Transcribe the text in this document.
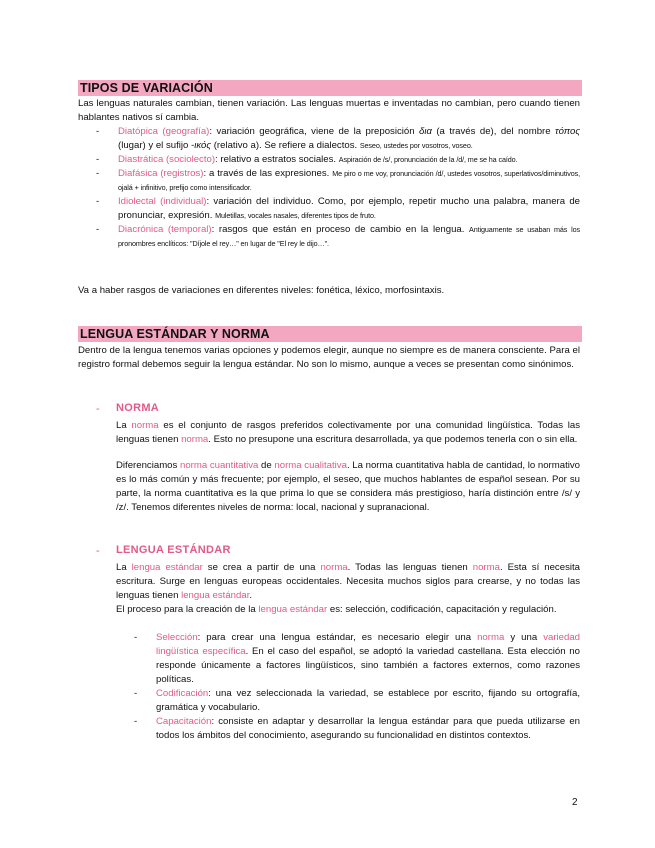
TIPOS DE VARIACIÓN
Las lenguas naturales cambian, tienen variación. Las lenguas muertas e inventadas no cambian, pero cuando tienen hablantes nativos sí cambia.
- Diatópica (geografía): variación geográfica, viene de la preposición δια (a través de), del nombre τόπος (lugar) y el sufijo -ικός (relativo a). Se refiere a dialectos. Seseo, ustedes por vosotros, voseo.
- Diastrática (sociolecto): relativo a estratos sociales. Aspiración de /s/, pronunciación de la /d/, me se ha caído.
- Diafásica (registros): a través de las expresiones. Me piro o me voy, pronunciación /d/, ustedes vosotros, superlativos/diminutivos, ojalá + infinitivo, prefijo como intensificador.
- Idiolectal (individual): variación del individuo. Como, por ejemplo, repetir mucho una palabra, manera de pronunciar, expresión. Muletillas, vocales nasales, diferentes tipos de fruto.
- Diacrónica (temporal): rasgos que están en proceso de cambio en la lengua. Antiguamente se usaban más los pronombres enclíticos: "Díjole el rey…" en lugar de "El rey le dijo…".
Va a haber rasgos de variaciones en diferentes niveles: fonética, léxico, morfosintaxis.
LENGUA ESTÁNDAR Y NORMA
Dentro de la lengua tenemos varias opciones y podemos elegir, aunque no siempre es de manera consciente. Para el registro formal debemos seguir la lengua estándar. No son lo mismo, aunque a veces se presentan como sinónimos.
- NORMA
La norma es el conjunto de rasgos preferidos colectivamente por una comunidad lingüística. Todas las lenguas tienen norma. Esto no presupone una escritura desarrollada, ya que podemos tenerla con o sin ella.
Diferenciamos norma cuantitativa de norma cualitativa. La norma cuantitativa habla de cantidad, lo normativo es lo más común y más frecuente; por ejemplo, el seseo, que muchos hablantes de español sesean. Por su parte, la norma cuantitativa es la que prima lo que se considera más prestigioso, haría distinción entre /s/ y /z/. Tenemos diferentes niveles de norma: local, nacional y supranacional.
- LENGUA ESTÁNDAR
La lengua estándar se crea a partir de una norma. Todas las lenguas tienen norma. Esta sí necesita escritura. Surge en lenguas europeas occidentales. Necesita muchos siglos para crearse, y no todas las lenguas tienen lengua estándar.
El proceso para la creación de la lengua estándar es: selección, codificación, capacitación y regulación.
- Selección: para crear una lengua estándar, es necesario elegir una norma y una variedad lingüística específica. En el caso del español, se adoptó la variedad castellana. Esta elección no responde únicamente a factores lingüísticos, sino también a factores externos, como razones políticas.
- Codificación: una vez seleccionada la variedad, se establece por escrito, fijando su ortografía, gramática y vocabulario.
- Capacitación: consiste en adaptar y desarrollar la lengua estándar para que pueda utilizarse en todos los ámbitos del conocimiento, asegurando su funcionalidad en distintos contextos.
2
